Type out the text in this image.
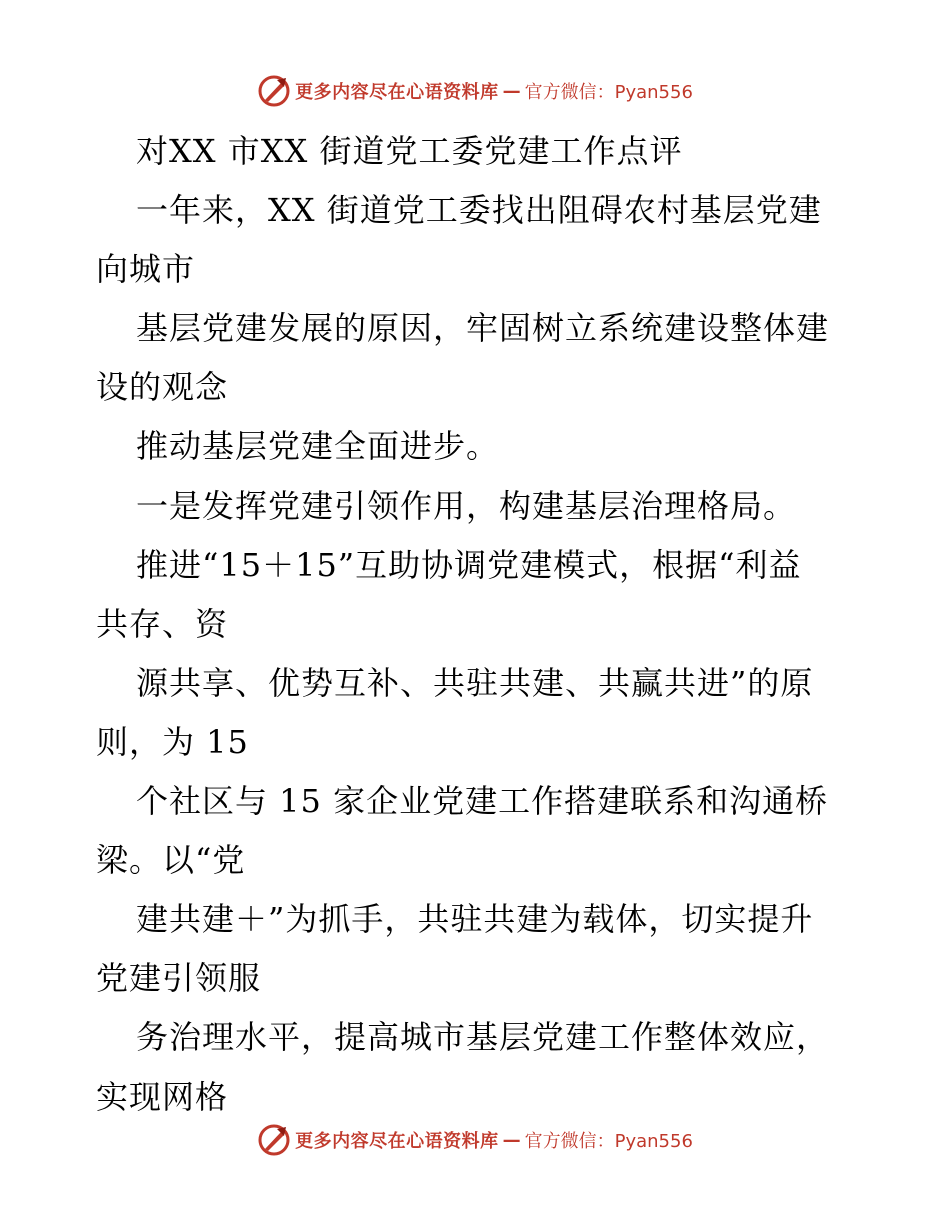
更多内容尽在心语资料库 — 官方微信：Pyan556
对XX 市XX 街道党工委党建工作点评
一年来，XX 街道党工委找出阻碍农村基层党建
向城市
基层党建发展的原因，牢固树立系统建设整体建
设的观念
推动基层党建全面进步。
一是发挥党建引领作用，构建基层治理格局。
推进“15＋15”互助协调党建模式，根据“利益
共存、资
源共享、优势互补、共驻共建、共赢共进”的原
则，为 15
个社区与 15 家企业党建工作搭建联系和沟通桥
梁。以“党
建共建＋”为抓手，共驻共建为载体，切实提升
党建引领服
务治理水平，提高城市基层党建工作整体效应，
实现网格
更多内容尽在心语资料库 — 官方微信：Pyan556
